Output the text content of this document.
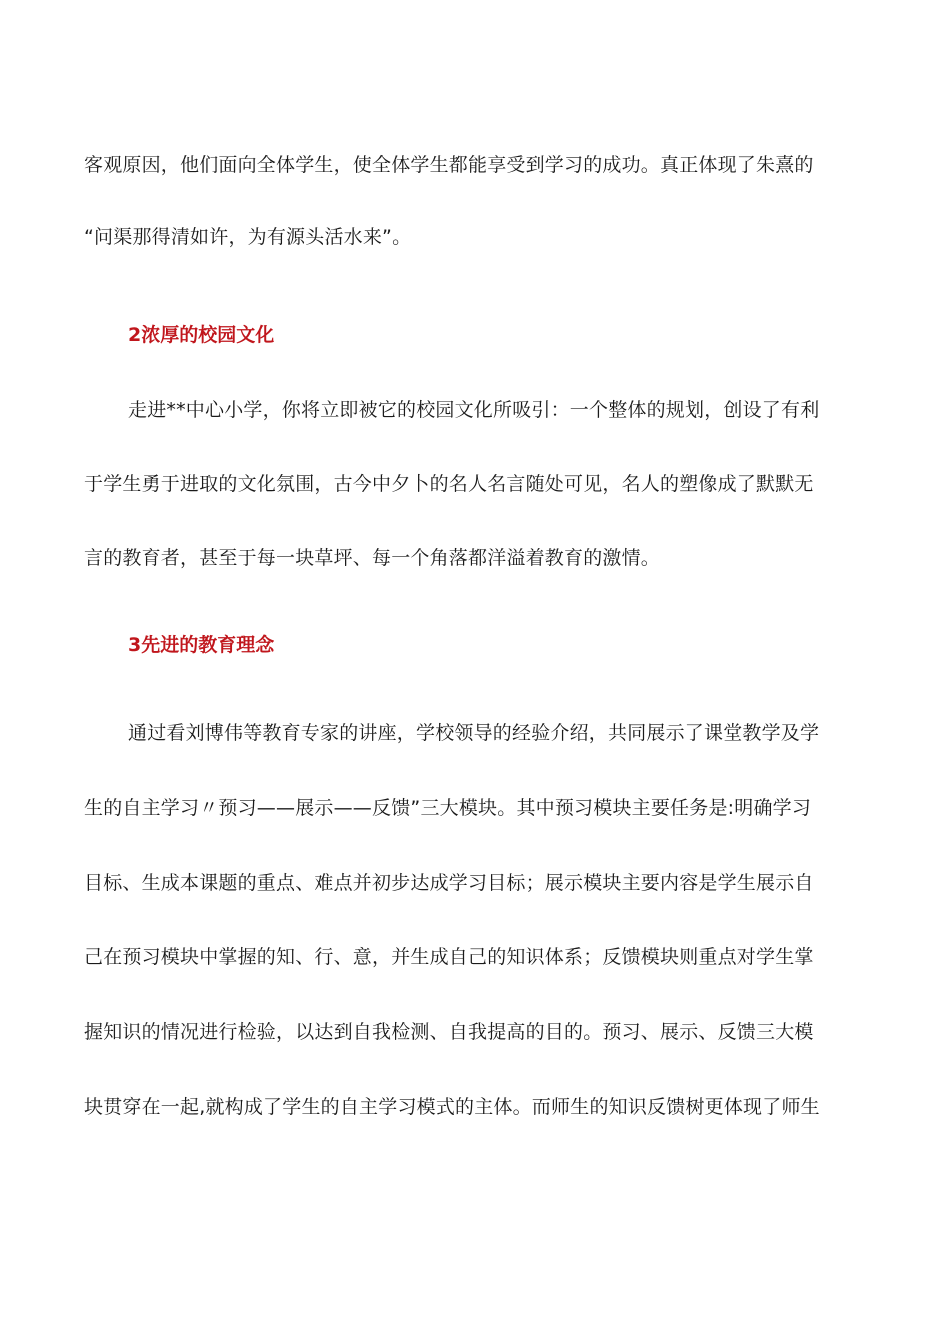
客观原因，他们面向全体学生，使全体学生都能享受到学习的成功。真正体现了朱熹的
“问渠那得清如许，为有源头活水来”。
2浓厚的校园文化
走进**中心小学，你将立即被它的校园文化所吸引：一个整体的规划，创设了有利
于学生勇于进取的文化氛围，古今中夕卜的名人名言随处可见，名人的塑像成了默默无
言的教育者，甚至于每一块草坪、每一个角落都洋溢着教育的激情。
3先进的教育理念
通过看刘博伟等教育专家的讲座，学校领导的经验介绍，共同展示了课堂教学及学
生的自主学习〃预习——展示——反馈”三大模块。其中预习模块主要任务是:明确学习
目标、生成本课题的重点、难点并初步达成学习目标；展示模块主要内容是学生展示自
己在预习模块中掌握的知、行、意，并生成自己的知识体系；反馈模块则重点对学生掌
握知识的情况进行检验，以达到自我检测、自我提高的目的。预习、展示、反馈三大模
块贯穿在一起,就构成了学生的自主学习模式的主体。而师生的知识反馈树更体现了师生
